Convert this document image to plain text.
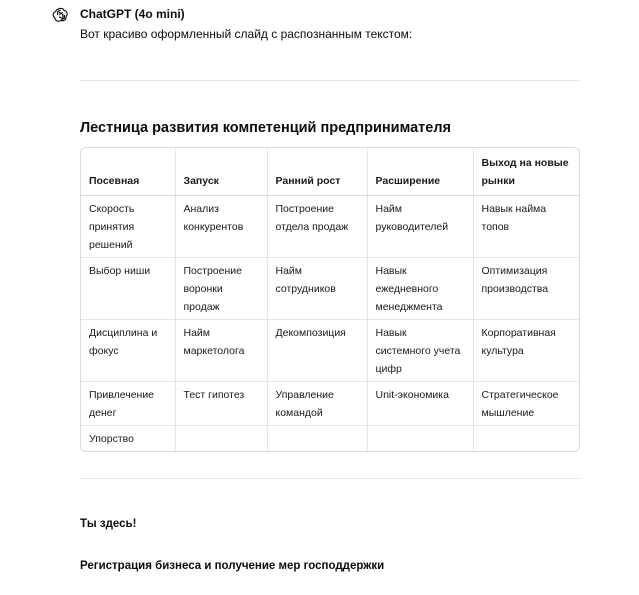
ChatGPT (4o mini)
Вот красиво оформленный слайд с распознанным текстом:
Лестница развития компетенций предпринимателя
Посевная	Запуск	Ранний рост	Расширение	Выход на новые рынки
Скорость принятия решений	Анализ конкурентов	Построение отдела продаж	Найм руководителей	Навык найма топов
Выбор ниши	Построение воронки продаж	Найм сотрудников	Навык ежедневного менеджмента	Оптимизация производства
Дисциплина и фокус	Найм маркетолога	Декомпозиция	Навык системного учета цифр	Корпоративная культура
Привлечение денег	Тест гипотез	Управление командой	Unit-экономика	Стратегическое мышление
Упорство				
Ты здесь!
Регистрация бизнеса и получение мер господдержки
